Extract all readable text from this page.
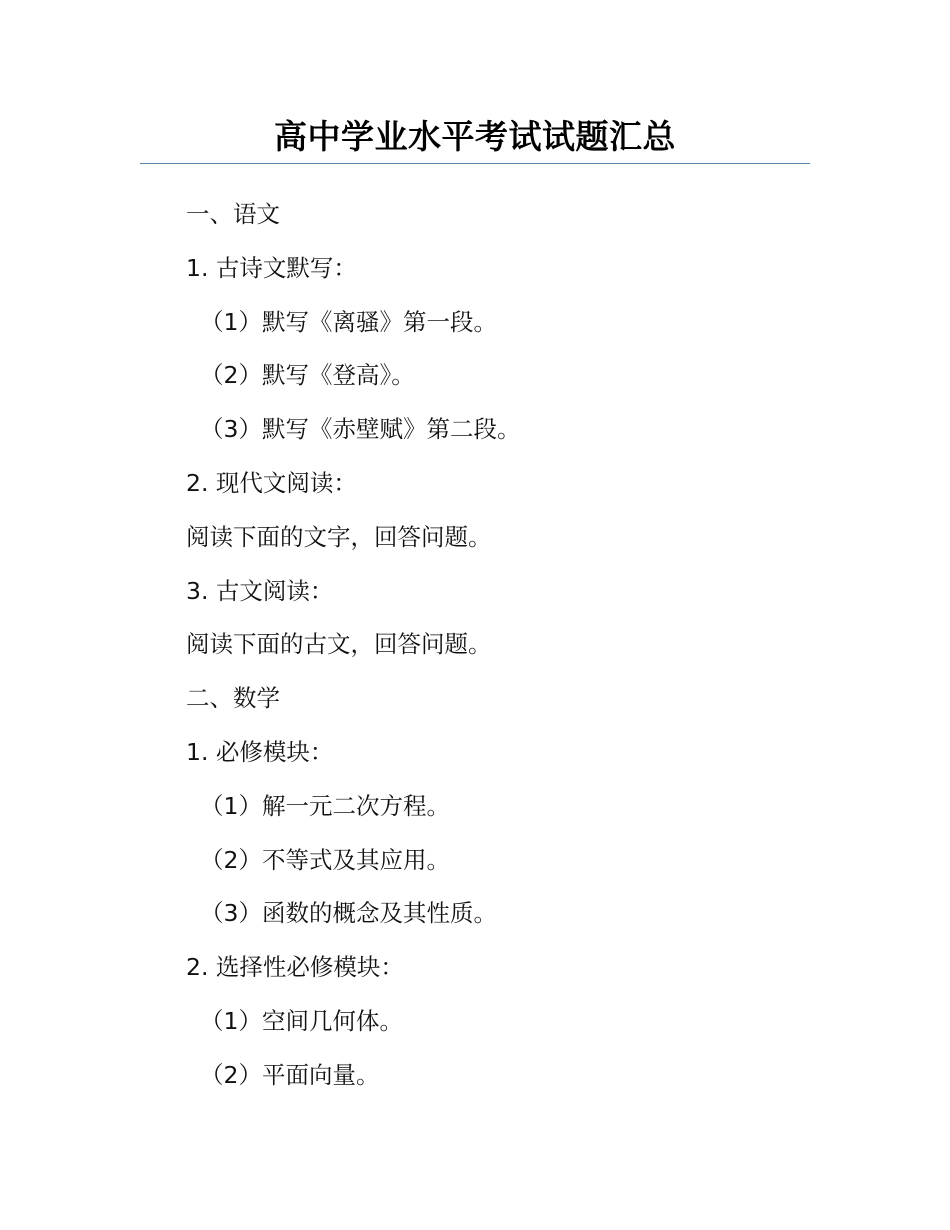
高中学业水平考试试题汇总
一、语文
1. 古诗文默写：
（1）默写《离骚》第一段。
（2）默写《登高》。
（3）默写《赤壁赋》第二段。
2. 现代文阅读：
阅读下面的文字，回答问题。
3. 古文阅读：
阅读下面的古文，回答问题。
二、数学
1. 必修模块：
（1）解一元二次方程。
（2）不等式及其应用。
（3）函数的概念及其性质。
2. 选择性必修模块：
（1）空间几何体。
（2）平面向量。
